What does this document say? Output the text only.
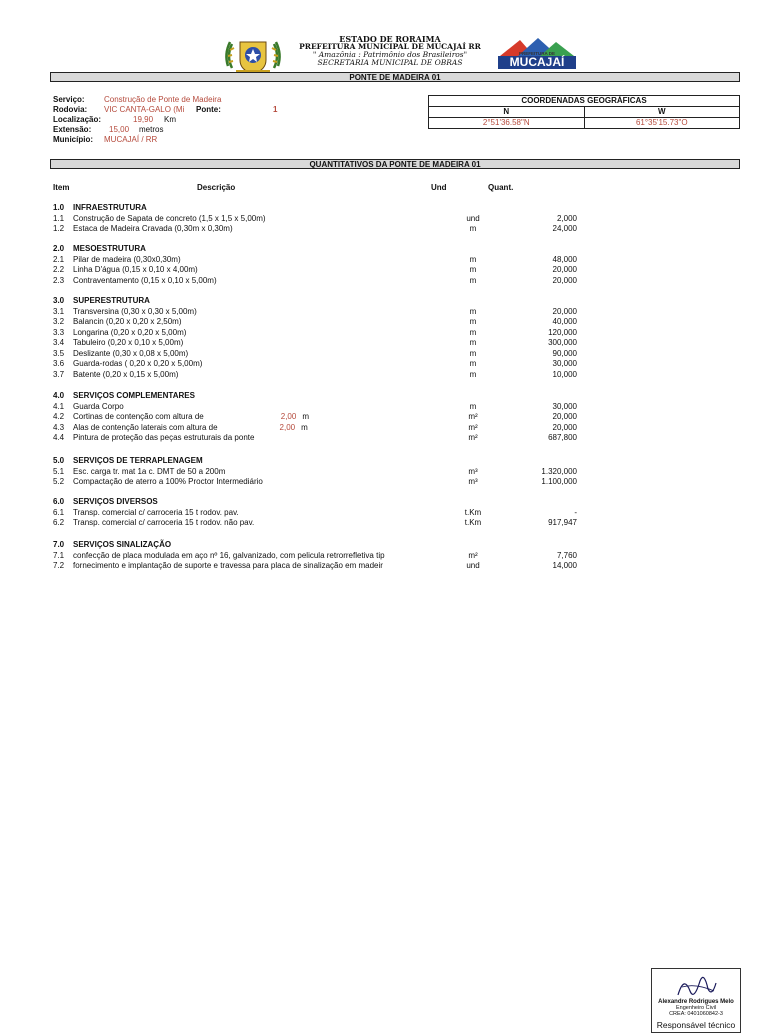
ESTADO DE RORAIMA
PREFEITURA MUNICIPAL DE MUCAJAÍ RR
" Amazônia : Patrimônio dos Brasileiros"
SECRETARIA MUNICIPAL DE OBRAS
PREFEITURA DE
MUCAJAÍ
PONTE DE MADEIRA 01
Serviço: Construção de Ponte de Madeira
Rodovia: VIC CANTA-GALO (Mi Ponte:	1
Localização:	19,90 Km
Extensão: 15,00 metros
Município: MUCAJAÍ / RR
COORDENADAS GEOGRÁFICAS
N	W
2°51'36.58"N	61°35'15.73"O
QUANTITATIVOS DA PONTE DE MADEIRA 01
Item	Descrição	Und	Quant.
1.0	INFRAESTRUTURA
1.1	Construção de Sapata de concreto (1,5 x 1,5 x 5,00m)	und	2,000
1.2	Estaca de Madeira Cravada (0,30m x 0,30m)	m	24,000
2.0	MESOESTRUTURA
2.1	Pilar de madeira (0,30x0,30m)	m	48,000
2.2	Linha D'água (0,15 x 0,10 x 4,00m)	m	20,000
2.3	Contraventamento (0,15 x 0,10 x 5,00m)	m	20,000
3.0	SUPERESTRUTURA
3.1	Transversina (0,30 x 0,30 x 5,00m)	m	20,000
3.2	Balancin (0,20 x 0,20 x 2,50m)	m	40,000
3.3	Longarina (0,20 x 0,20 x 5,00m)	m	120,000
3.4	Tabuleiro (0,20 x 0,10 x 5,00m)	m	300,000
3.5	Deslizante (0,30 x 0,08 x 5,00m)	m	90,000
3.6	Guarda-rodas ( 0,20 x 0,20 x 5,00m)	m	30,000
3.7	Batente (0,20 x 0,15 x 5,00m)	m	10,000
4.0	SERVIÇOS COMPLEMENTARES
4.1	Guarda Corpo	m	30,000
4.2	Cortinas de contenção com altura de	2,00 m	m²	20,000
4.3	Alas de contenção laterais com altura de	2,00 m	m²	20,000
4.4	Pintura de proteção das peças estruturais da ponte	m²	687,800
5.0	SERVIÇOS DE TERRAPLENAGEM
5.1	Esc. carga tr. mat 1a c. DMT de 50 a 200m	m³	1.320,000
5.2	Compactação de aterro a 100% Proctor Intermediário	m³	1.100,000
6.0	SERVIÇOS DIVERSOS
6.1	Transp. comercial c/ carroceria 15 t rodov. pav.	t.Km	-
6.2	Transp. comercial c/ carroceria 15 t rodov. não pav.	t.Km	917,947
7.0	SERVIÇOS SINALIZAÇÃO
7.1	confecção de placa modulada em aço nº 16, galvanizado, com pelicula retrorrefletiva tip	m²	7,760
7.2	fornecimento e implantação de suporte e travessa para placa de sinalização em madeir	und	14,000
Alexandre Rodrigues Melo
Engenheiro Civil
CREA: 0401060842-3
Responsável técnico
